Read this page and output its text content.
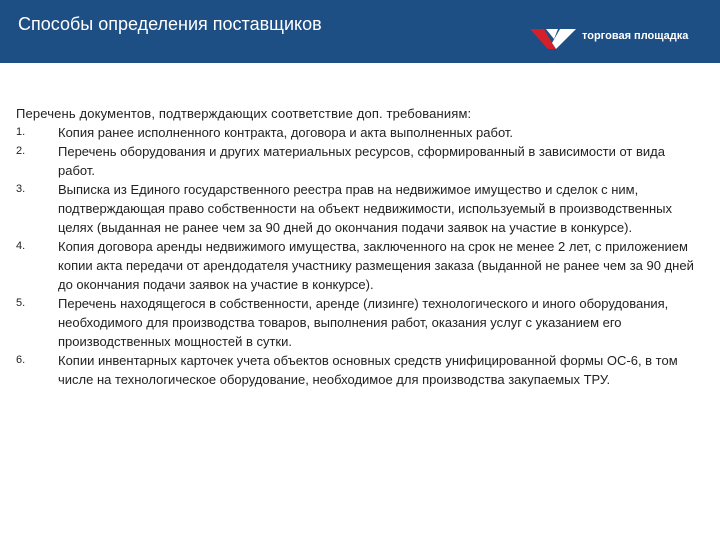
Способы определения поставщиков
торговая площадка

Перечень документов, подтверждающих соответствие доп. требованиям:

1.	Копия ранее исполненного контракта, договора и акта выполненных работ.
2.	Перечень оборудования и других материальных ресурсов, сформированный в зависимости от вида работ.
3.	Выписка из Единого государственного реестра прав на недвижимое имущество и сделок с ним, подтверждающая право собственности на объект недвижимости, используемый в производственных целях (выданная не ранее чем за 90 дней до окончания подачи заявок на участие в конкурсе).
4.	Копия договора аренды недвижимого имущества, заключенного на срок не менее 2 лет, с приложением копии акта передачи от арендодателя участнику размещения заказа (выданной не ранее чем за 90 дней до окончания подачи заявок на участие в конкурсе).
5.	Перечень находящегося в собственности, аренде (лизинге) технологического и иного оборудования, необходимого для производства товаров, выполнения работ, оказания услуг с указанием его производственных мощностей в сутки.
6.	Копии инвентарных карточек учета объектов основных средств унифицированной формы ОС-6, в том числе на технологическое оборудование, необходимое для производства закупаемых ТРУ.
